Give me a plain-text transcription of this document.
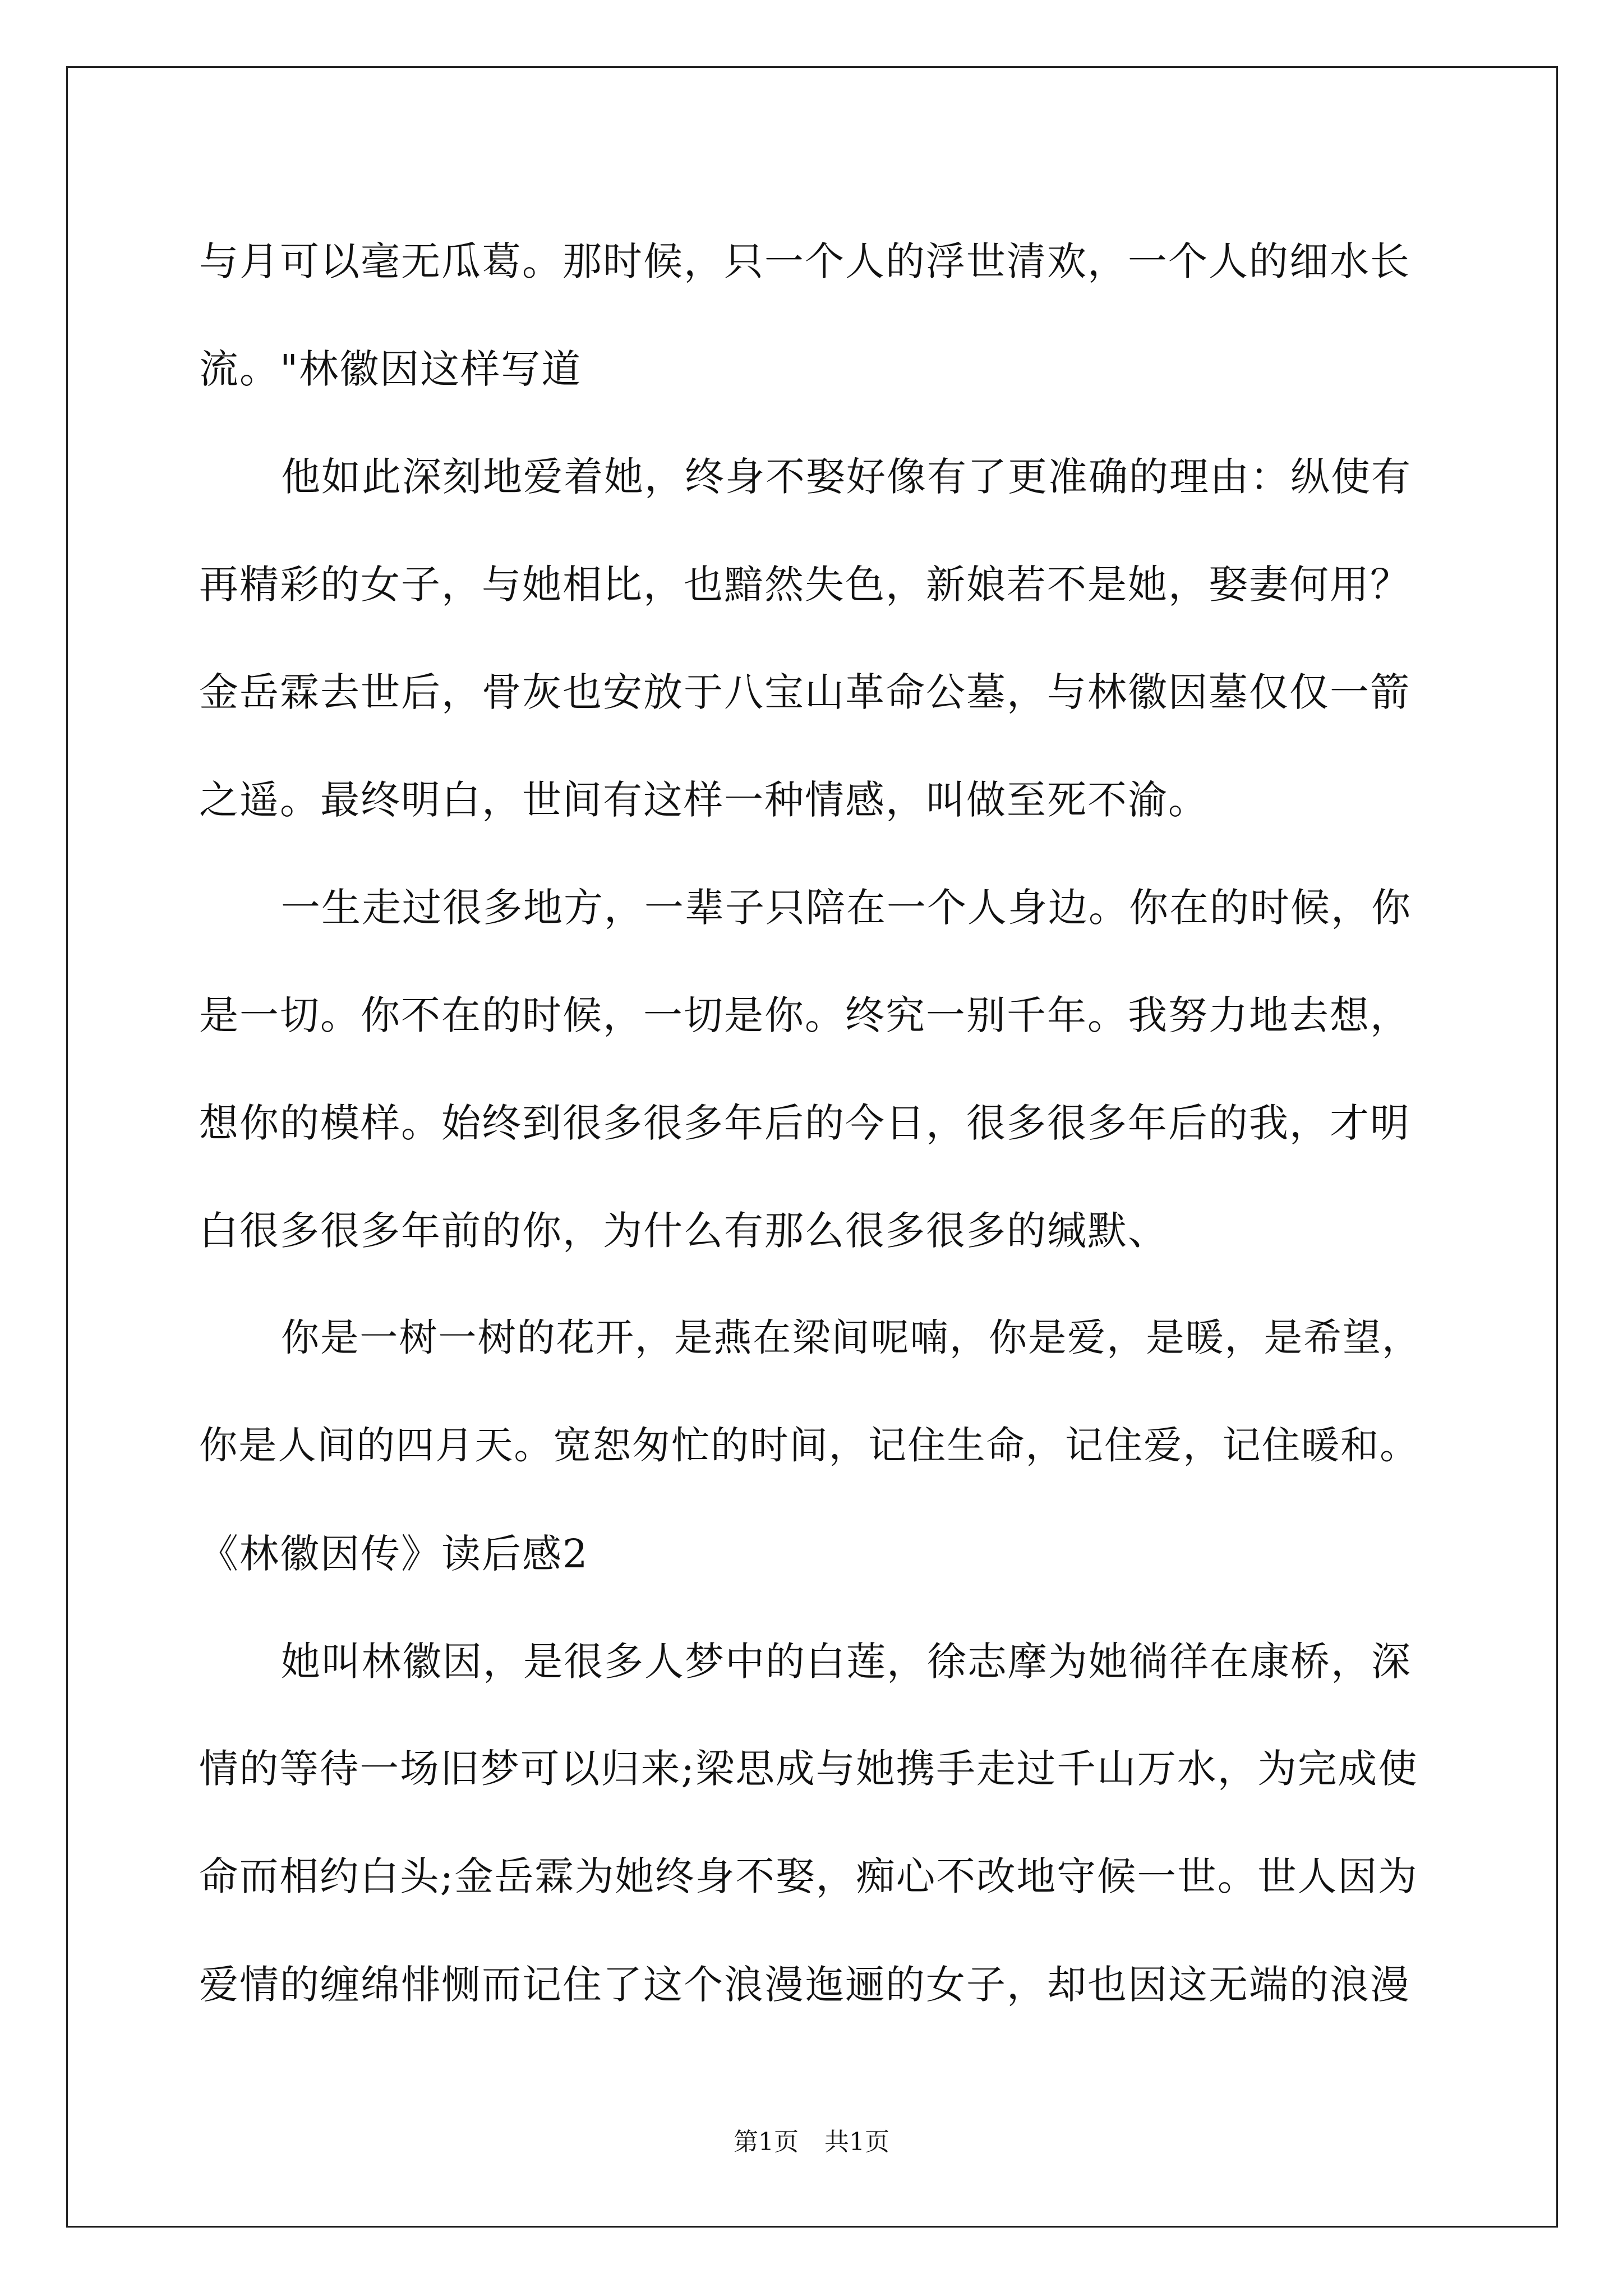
与月可以毫无瓜葛。那时候，只一个人的浮世清欢，一个人的细水长
流。"林徽因这样写道
他如此深刻地爱着她，终身不娶好像有了更准确的理由：纵使有
再精彩的女子，与她相比，也黯然失色，新娘若不是她，娶妻何用？
金岳霖去世后，骨灰也安放于八宝山革命公墓，与林徽因墓仅仅一箭
之遥。最终明白，世间有这样一种情感，叫做至死不渝。
一生走过很多地方，一辈子只陪在一个人身边。你在的时候，你
是一切。你不在的时候，一切是你。终究一别千年。我努力地去想，
想你的模样。始终到很多很多年后的今日，很多很多年后的我，才明
白很多很多年前的你，为什么有那么很多很多的缄默、
你是一树一树的花开，是燕在梁间呢喃，你是爱，是暖，是希望，
你是人间的四月天。宽恕匆忙的时间，记住生命，记住爱，记住暖和。
《林徽因传》读后感2
她叫林徽因，是很多人梦中的白莲，徐志摩为她徜徉在康桥，深
情的等待一场旧梦可以归来;梁思成与她携手走过千山万水，为完成使
命而相约白头;金岳霖为她终身不娶，痴心不改地守候一世。世人因为
爱情的缠绵悱恻而记住了这个浪漫迤逦的女子，却也因这无端的浪漫
第1页 共1页
